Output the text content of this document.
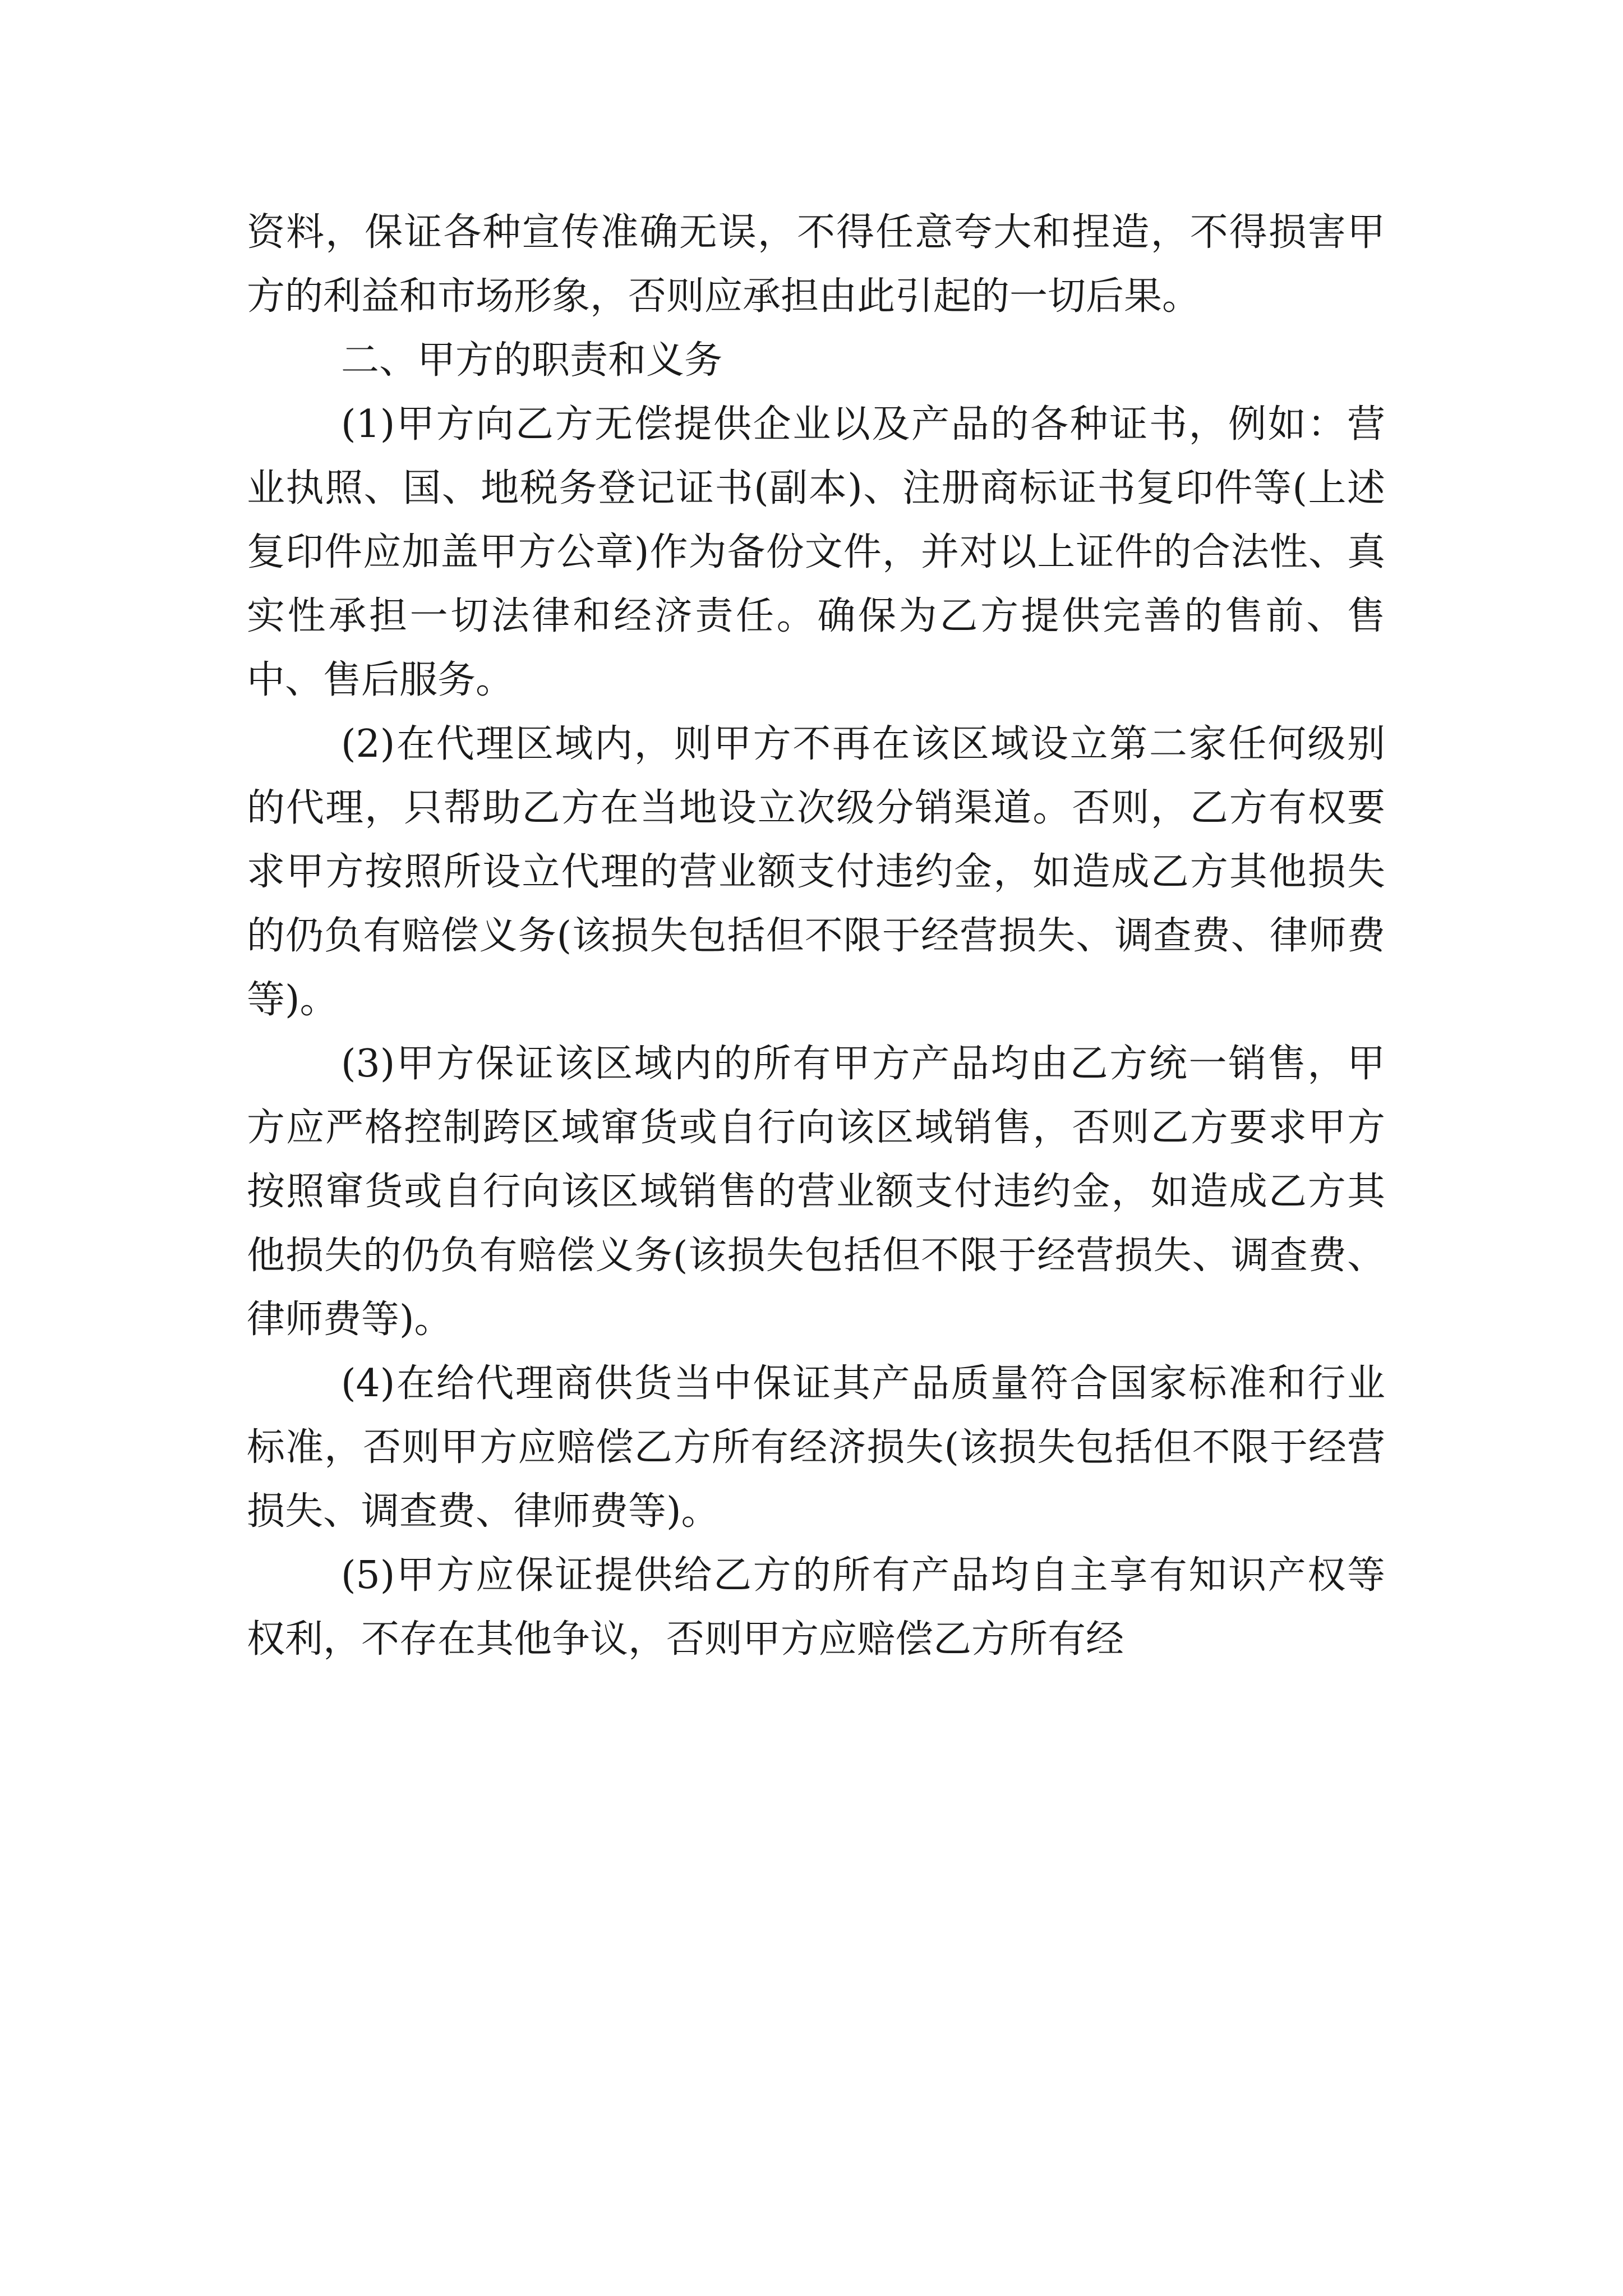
资料，保证各种宣传准确无误，不得任意夸大和捏造，不得损害甲方的利益和市场形象，否则应承担由此引起的一切后果。

二、甲方的职责和义务

(1)甲方向乙方无偿提供企业以及产品的各种证书，例如：营业执照、国、地税务登记证书(副本)、注册商标证书复印件等(上述复印件应加盖甲方公章)作为备份文件，并对以上证件的合法性、真实性承担一切法律和经济责任。确保为乙方提供完善的售前、售中、售后服务。

(2)在代理区域内，则甲方不再在该区域设立第二家任何级别的代理，只帮助乙方在当地设立次级分销渠道。否则，乙方有权要求甲方按照所设立代理的营业额支付违约金，如造成乙方其他损失的仍负有赔偿义务(该损失包括但不限于经营损失、调查费、律师费等)。

(3)甲方保证该区域内的所有甲方产品均由乙方统一销售，甲方应严格控制跨区域窜货或自行向该区域销售，否则乙方要求甲方按照窜货或自行向该区域销售的营业额支付违约金，如造成乙方其他损失的仍负有赔偿义务(该损失包括但不限于经营损失、调查费、律师费等)。

(4)在给代理商供货当中保证其产品质量符合国家标准和行业标准，否则甲方应赔偿乙方所有经济损失(该损失包括但不限于经营损失、调查费、律师费等)。

(5)甲方应保证提供给乙方的所有产品均自主享有知识产权等权利，不存在其他争议，否则甲方应赔偿乙方所有经
